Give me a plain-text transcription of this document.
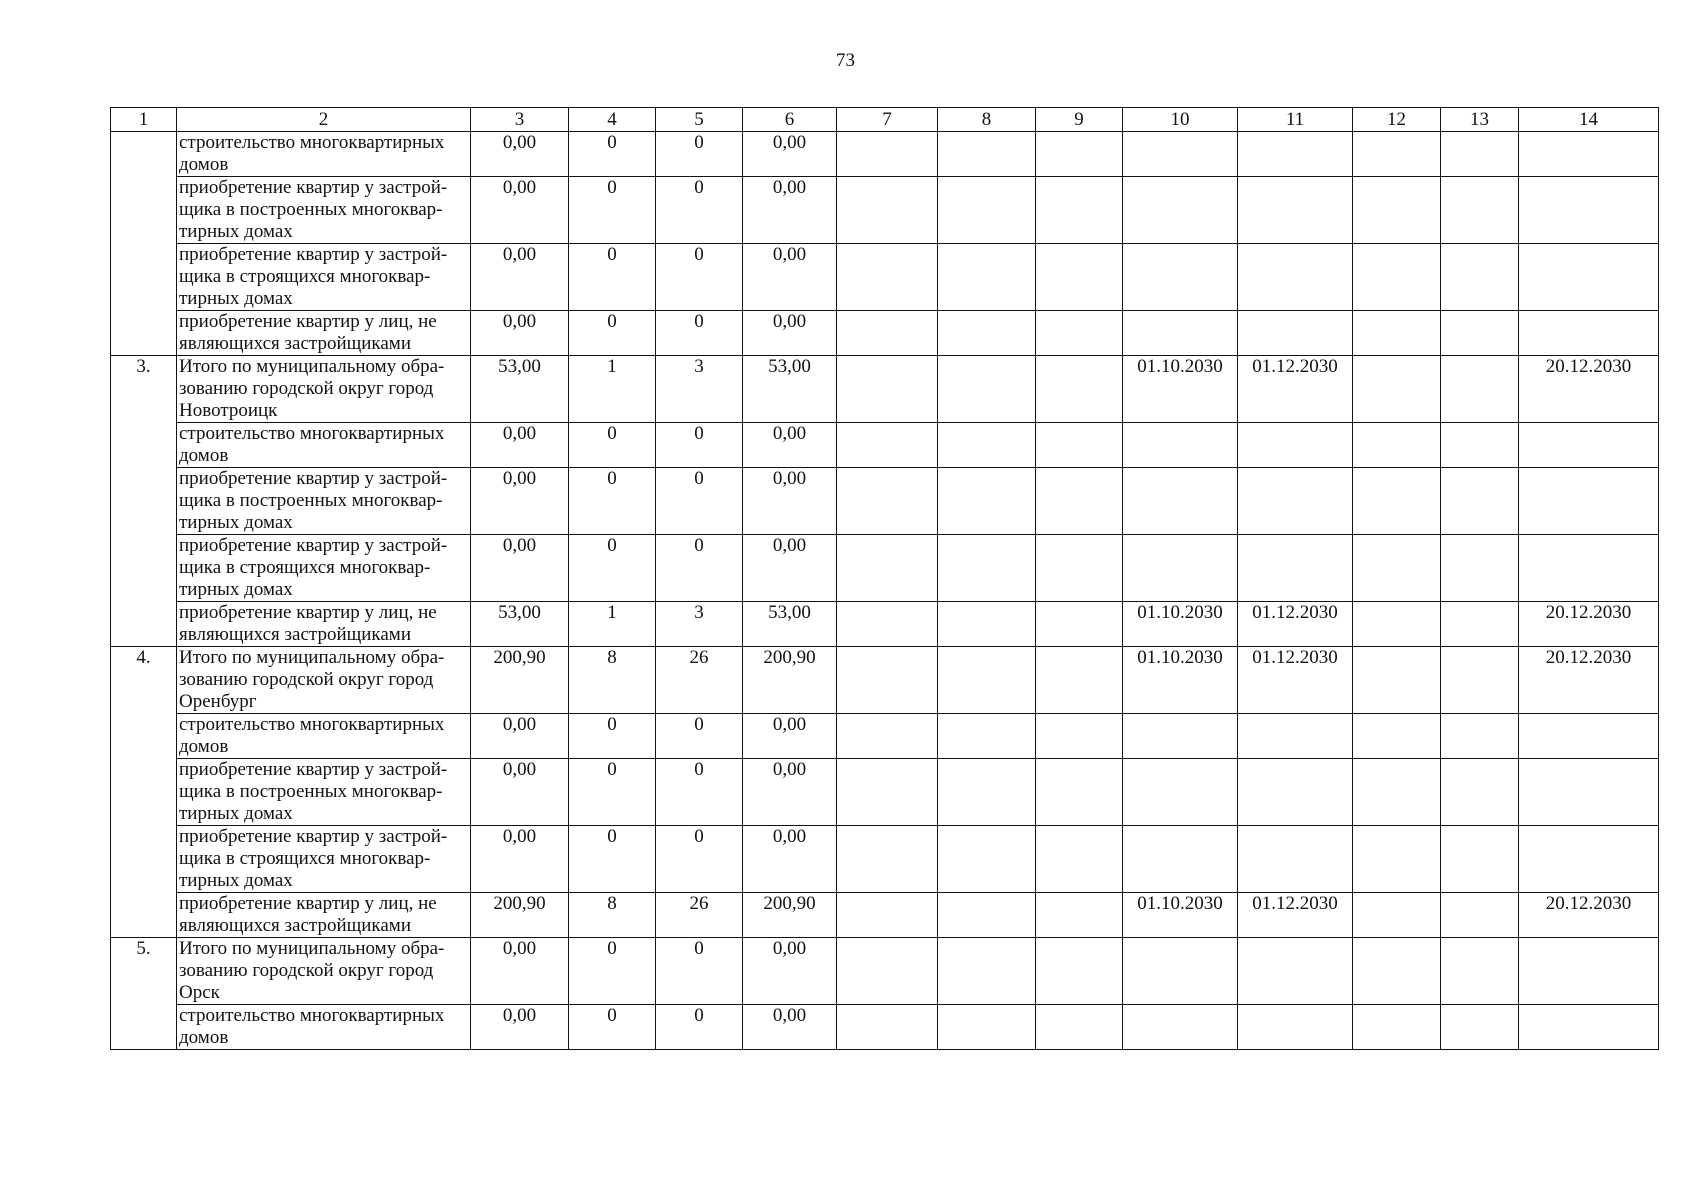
73
1	2	3	4	5	6	7	8	9	10	11	12	13	14
	строительство многоквартирных домов	0,00	0	0	0,00								
	приобретение квартир у застрой-щика в построенных многоквар-тирных домах	0,00	0	0	0,00								
	приобретение квартир у застрой-щика в строящихся многоквар-тирных домах	0,00	0	0	0,00								
	приобретение квартир у лиц, не являющихся застройщиками	0,00	0	0	0,00								
3.	Итого по муниципальному обра-зованию городской округ город Новотроицк	53,00	1	3	53,00				01.10.2030	01.12.2030			20.12.2030
	строительство многоквартирных домов	0,00	0	0	0,00								
	приобретение квартир у застрой-щика в построенных многоквар-тирных домах	0,00	0	0	0,00								
	приобретение квартир у застрой-щика в строящихся многоквар-тирных домах	0,00	0	0	0,00								
	приобретение квартир у лиц, не являющихся застройщиками	53,00	1	3	53,00				01.10.2030	01.12.2030			20.12.2030
4.	Итого по муниципальному обра-зованию городской округ город Оренбург	200,90	8	26	200,90				01.10.2030	01.12.2030			20.12.2030
	строительство многоквартирных домов	0,00	0	0	0,00								
	приобретение квартир у застрой-щика в построенных многоквар-тирных домах	0,00	0	0	0,00								
	приобретение квартир у застрой-щика в строящихся многоквар-тирных домах	0,00	0	0	0,00								
	приобретение квартир у лиц, не являющихся застройщиками	200,90	8	26	200,90				01.10.2030	01.12.2030			20.12.2030
5.	Итого по муниципальному обра-зованию городской округ город Орск	0,00	0	0	0,00								
	строительство многоквартирных домов	0,00	0	0	0,00								
